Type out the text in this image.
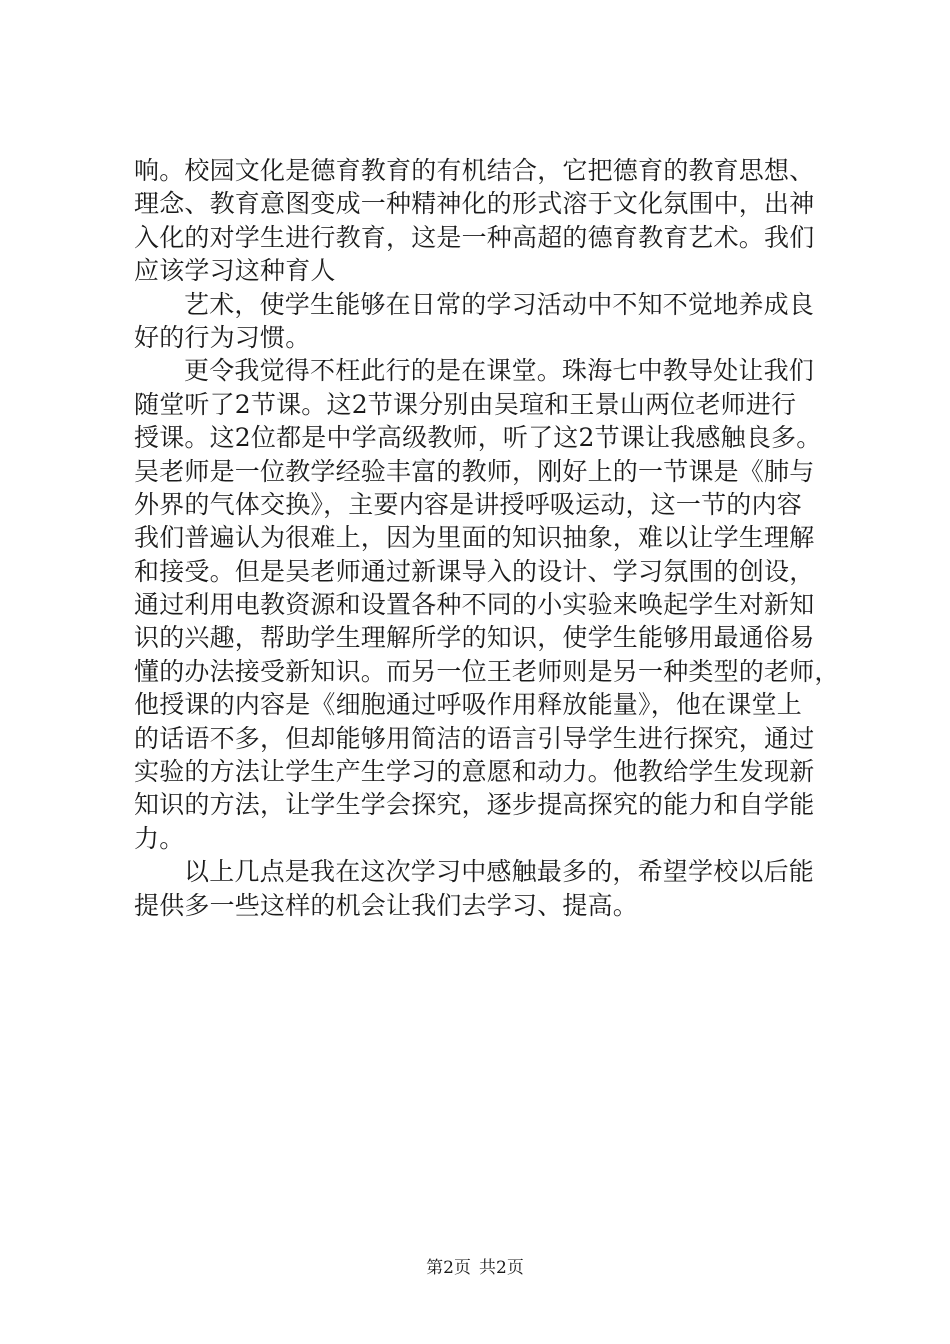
响。校园文化是德育教育的有机结合，它把德育的教育思想、
理念、教育意图变成一种精神化的形式溶于文化氛围中，出神
入化的对学生进行教育，这是一种高超的德育教育艺术。我们
应该学习这种育人
艺术，使学生能够在日常的学习活动中不知不觉地养成良
好的行为习惯。
更令我觉得不枉此行的是在课堂。珠海七中教导处让我们
随堂听了2节课。这2节课分别由吴瑄和王景山两位老师进行
授课。这2位都是中学高级教师，听了这2节课让我感触良多。
吴老师是一位教学经验丰富的教师，刚好上的一节课是《肺与
外界的气体交换》，主要内容是讲授呼吸运动，这一节的内容
我们普遍认为很难上，因为里面的知识抽象，难以让学生理解
和接受。但是吴老师通过新课导入的设计、学习氛围的创设，
通过利用电教资源和设置各种不同的小实验来唤起学生对新知
识的兴趣，帮助学生理解所学的知识，使学生能够用最通俗易
懂的办法接受新知识。而另一位王老师则是另一种类型的老师，
他授课的内容是《细胞通过呼吸作用释放能量》，他在课堂上
的话语不多，但却能够用简洁的语言引导学生进行探究，通过
实验的方法让学生产生学习的意愿和动力。他教给学生发现新
知识的方法，让学生学会探究，逐步提高探究的能力和自学能
力。
以上几点是我在这次学习中感触最多的，希望学校以后能
提供多一些这样的机会让我们去学习、提高。
第2页 共2页
